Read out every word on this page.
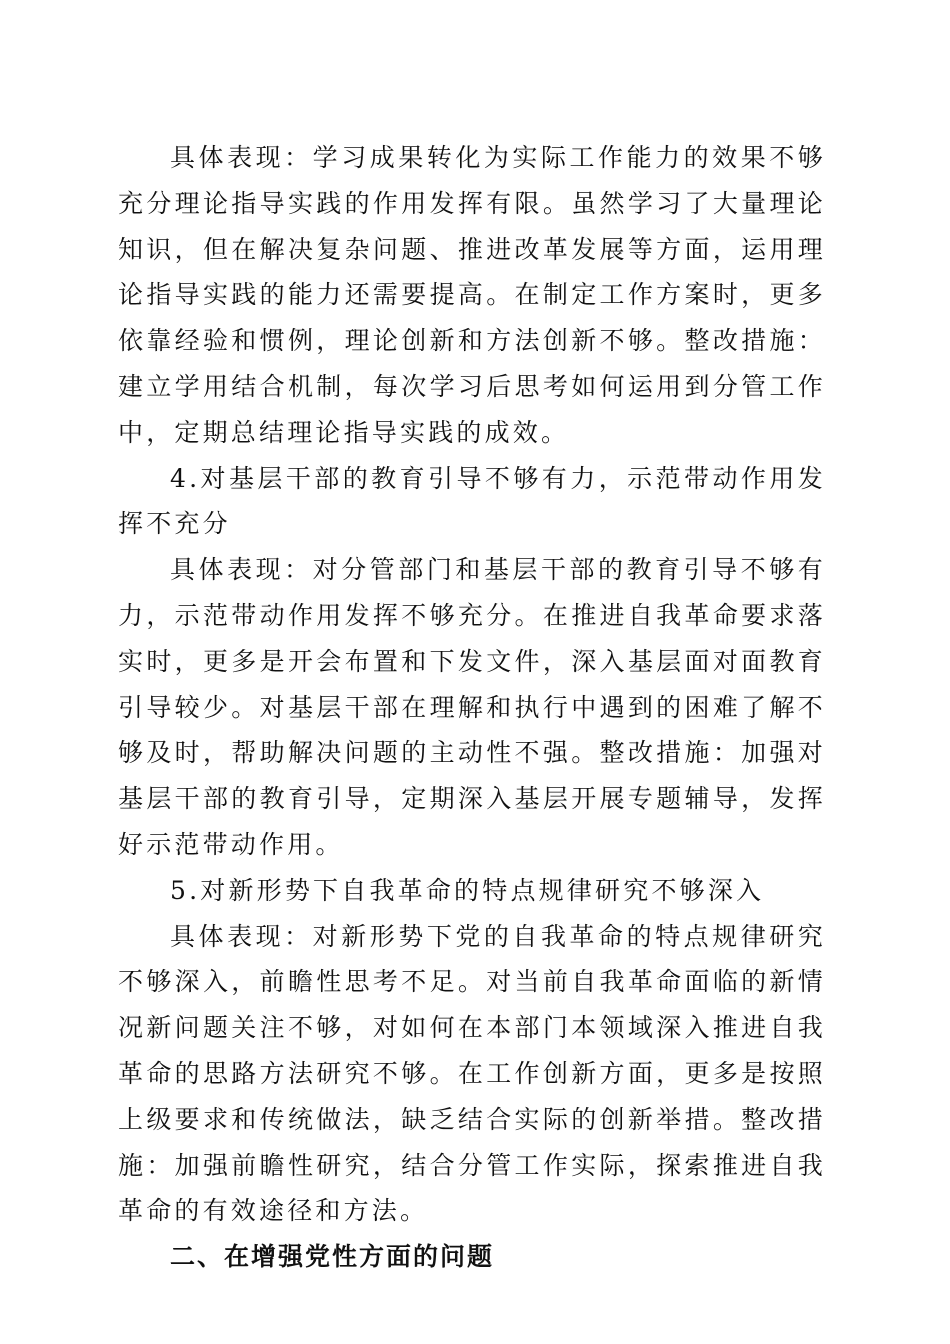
具体表现：学习成果转化为实际工作能力的效果不够充分理论指导实践的作用发挥有限。虽然学习了大量理论知识，但在解决复杂问题、推进改革发展等方面，运用理论指导实践的能力还需要提高。在制定工作方案时，更多依靠经验和惯例，理论创新和方法创新不够。整改措施：建立学用结合机制，每次学习后思考如何运用到分管工作中，定期总结理论指导实践的成效。

4.对基层干部的教育引导不够有力，示范带动作用发挥不充分

具体表现：对分管部门和基层干部的教育引导不够有力，示范带动作用发挥不够充分。在推进自我革命要求落实时，更多是开会布置和下发文件，深入基层面对面教育引导较少。对基层干部在理解和执行中遇到的困难了解不够及时，帮助解决问题的主动性不强。整改措施：加强对基层干部的教育引导，定期深入基层开展专题辅导，发挥好示范带动作用。

5.对新形势下自我革命的特点规律研究不够深入

具体表现：对新形势下党的自我革命的特点规律研究不够深入，前瞻性思考不足。对当前自我革命面临的新情况新问题关注不够，对如何在本部门本领域深入推进自我革命的思路方法研究不够。在工作创新方面，更多是按照上级要求和传统做法，缺乏结合实际的创新举措。整改措施：加强前瞻性研究，结合分管工作实际，探索推进自我革命的有效途径和方法。

二、在增强党性方面的问题
